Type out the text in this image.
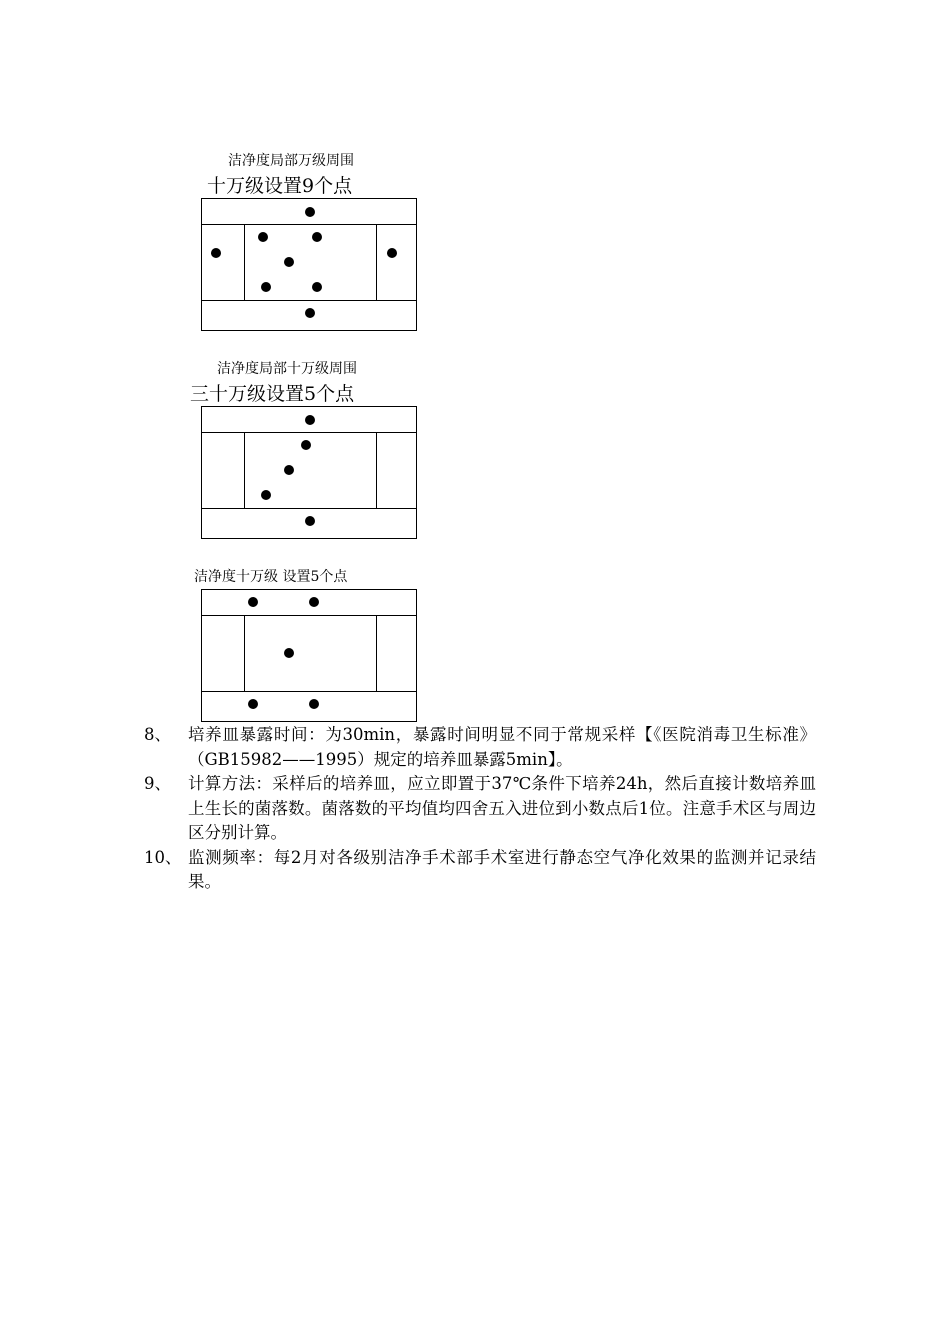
洁净度局部万级周围
十万级设置9个点
洁净度局部十万级周围
三十万级设置5个点
洁净度十万级 设置5个点
8、	培养皿暴露时间：为30min，暴露时间明显不同于常规采样【《医院消毒卫生标准》（GB15982——1995）规定的培养皿暴露5min】。
9、	计算方法：采样后的培养皿，应立即置于37℃条件下培养24h，然后直接计数培养皿上生长的菌落数。菌落数的平均值均四舍五入进位到小数点后1位。注意手术区与周边区分别计算。
10、 监测频率：每2月对各级别洁净手术部手术室进行静态空气净化效果的监测并记录结果。
